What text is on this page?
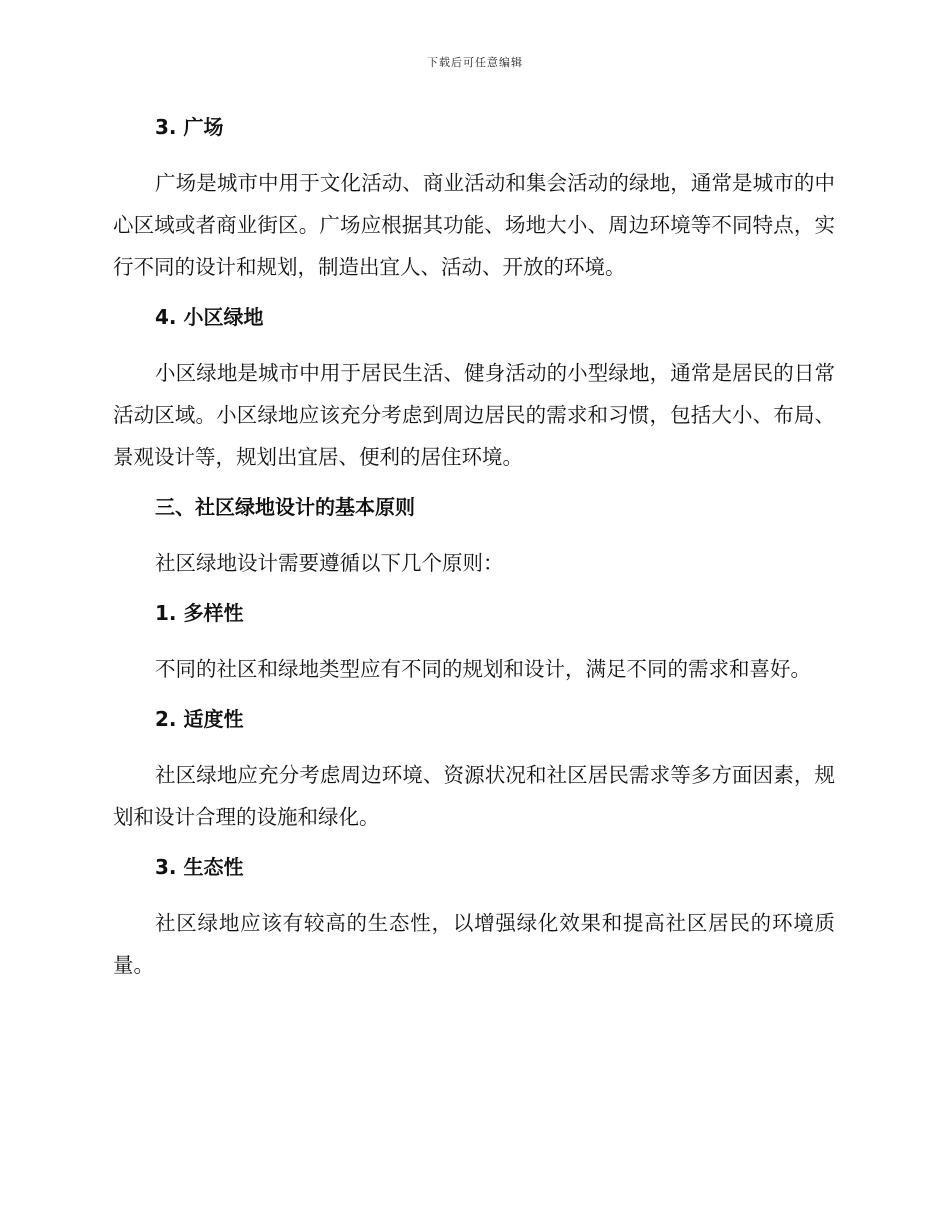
下载后可任意编辑
3. 广场

广场是城市中用于文化活动、商业活动和集会活动的绿地，通常是城市的中心区域或者商业街区。广场应根据其功能、场地大小、周边环境等不同特点，实行不同的设计和规划，制造出宜人、活动、开放的环境。

4. 小区绿地

小区绿地是城市中用于居民生活、健身活动的小型绿地，通常是居民的日常活动区域。小区绿地应该充分考虑到周边居民的需求和习惯，包括大小、布局、景观设计等，规划出宜居、便利的居住环境。

三、社区绿地设计的基本原则

社区绿地设计需要遵循以下几个原则：

1. 多样性

不同的社区和绿地类型应有不同的规划和设计，满足不同的需求和喜好。

2. 适度性

社区绿地应充分考虑周边环境、资源状况和社区居民需求等多方面因素，规划和设计合理的设施和绿化。

3. 生态性

社区绿地应该有较高的生态性，以增强绿化效果和提高社区居民的环境质量。
